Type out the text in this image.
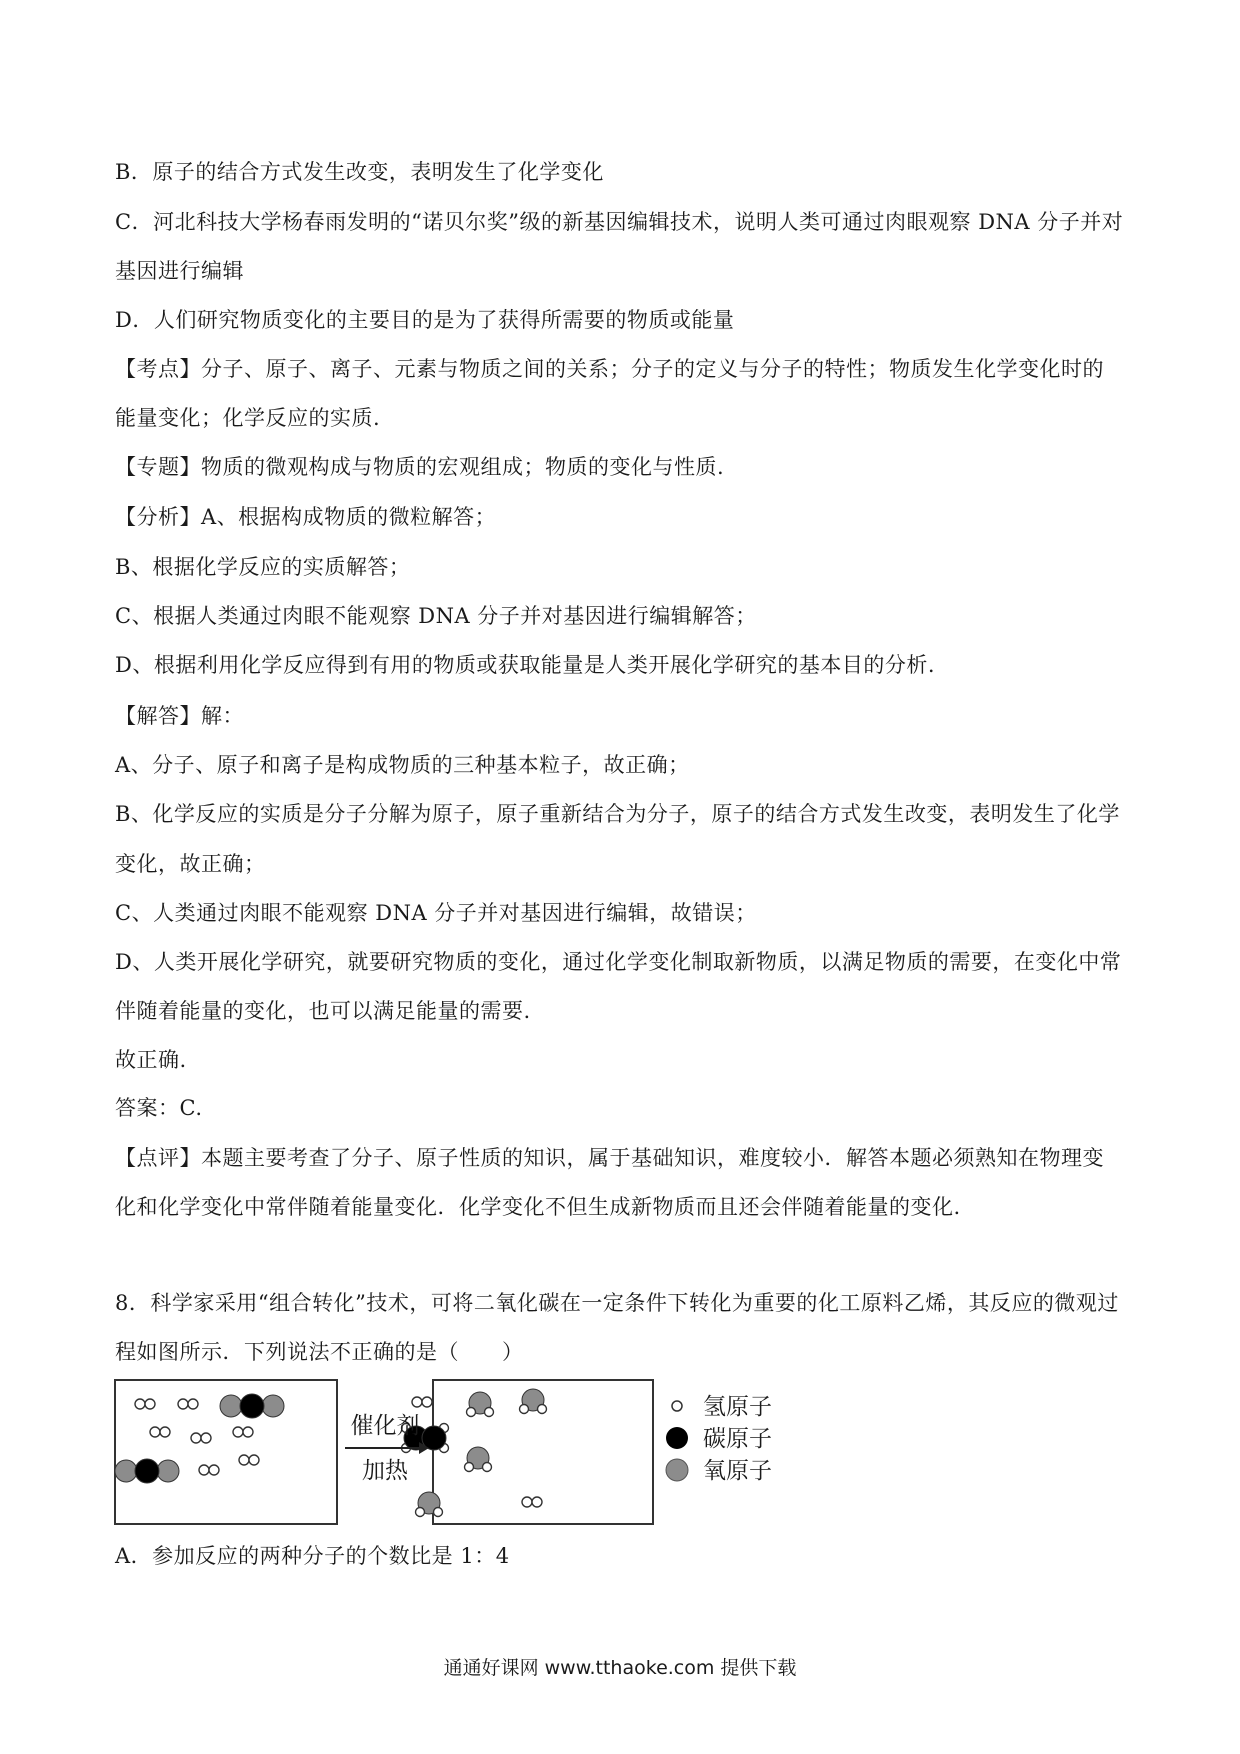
B．原子的结合方式发生改变，表明发生了化学变化
C．河北科技大学杨春雨发明的“诺贝尔奖”级的新基因编辑技术，说明人类可通过肉眼观察 DNA 分子并对
基因进行编辑
D．人们研究物质变化的主要目的是为了获得所需要的物质或能量
【考点】分子、原子、离子、元素与物质之间的关系；分子的定义与分子的特性；物质发生化学变化时的
能量变化；化学反应的实质.
【专题】物质的微观构成与物质的宏观组成；物质的变化与性质.
【分析】A、根据构成物质的微粒解答；
B、根据化学反应的实质解答；
C、根据人类通过肉眼不能观察 DNA 分子并对基因进行编辑解答；
D、根据利用化学反应得到有用的物质或获取能量是人类开展化学研究的基本目的分析.
【解答】解：
A、分子、原子和离子是构成物质的三种基本粒子，故正确；
B、化学反应的实质是分子分解为原子，原子重新结合为分子，原子的结合方式发生改变，表明发生了化学
变化，故正确；
C、人类通过肉眼不能观察 DNA 分子并对基因进行编辑，故错误；
D、人类开展化学研究，就要研究物质的变化，通过化学变化制取新物质，以满足物质的需要，在变化中常
伴随着能量的变化，也可以满足能量的需要.
故正确.
答案：C.
【点评】本题主要考查了分子、原子性质的知识，属于基础知识，难度较小．解答本题必须熟知在物理变
化和化学变化中常伴随着能量变化．化学变化不但生成新物质而且还会伴随着能量的变化.
8．科学家采用“组合转化”技术，可将二氧化碳在一定条件下转化为重要的化工原料乙烯，其反应的微观过
程如图所示．下列说法不正确的是（　　）
催化剂
加热
氢原子
碳原子
氧原子
A．参加反应的两种分子的个数比是 1：4
通通好课网 www.tthaoke.com 提供下载
